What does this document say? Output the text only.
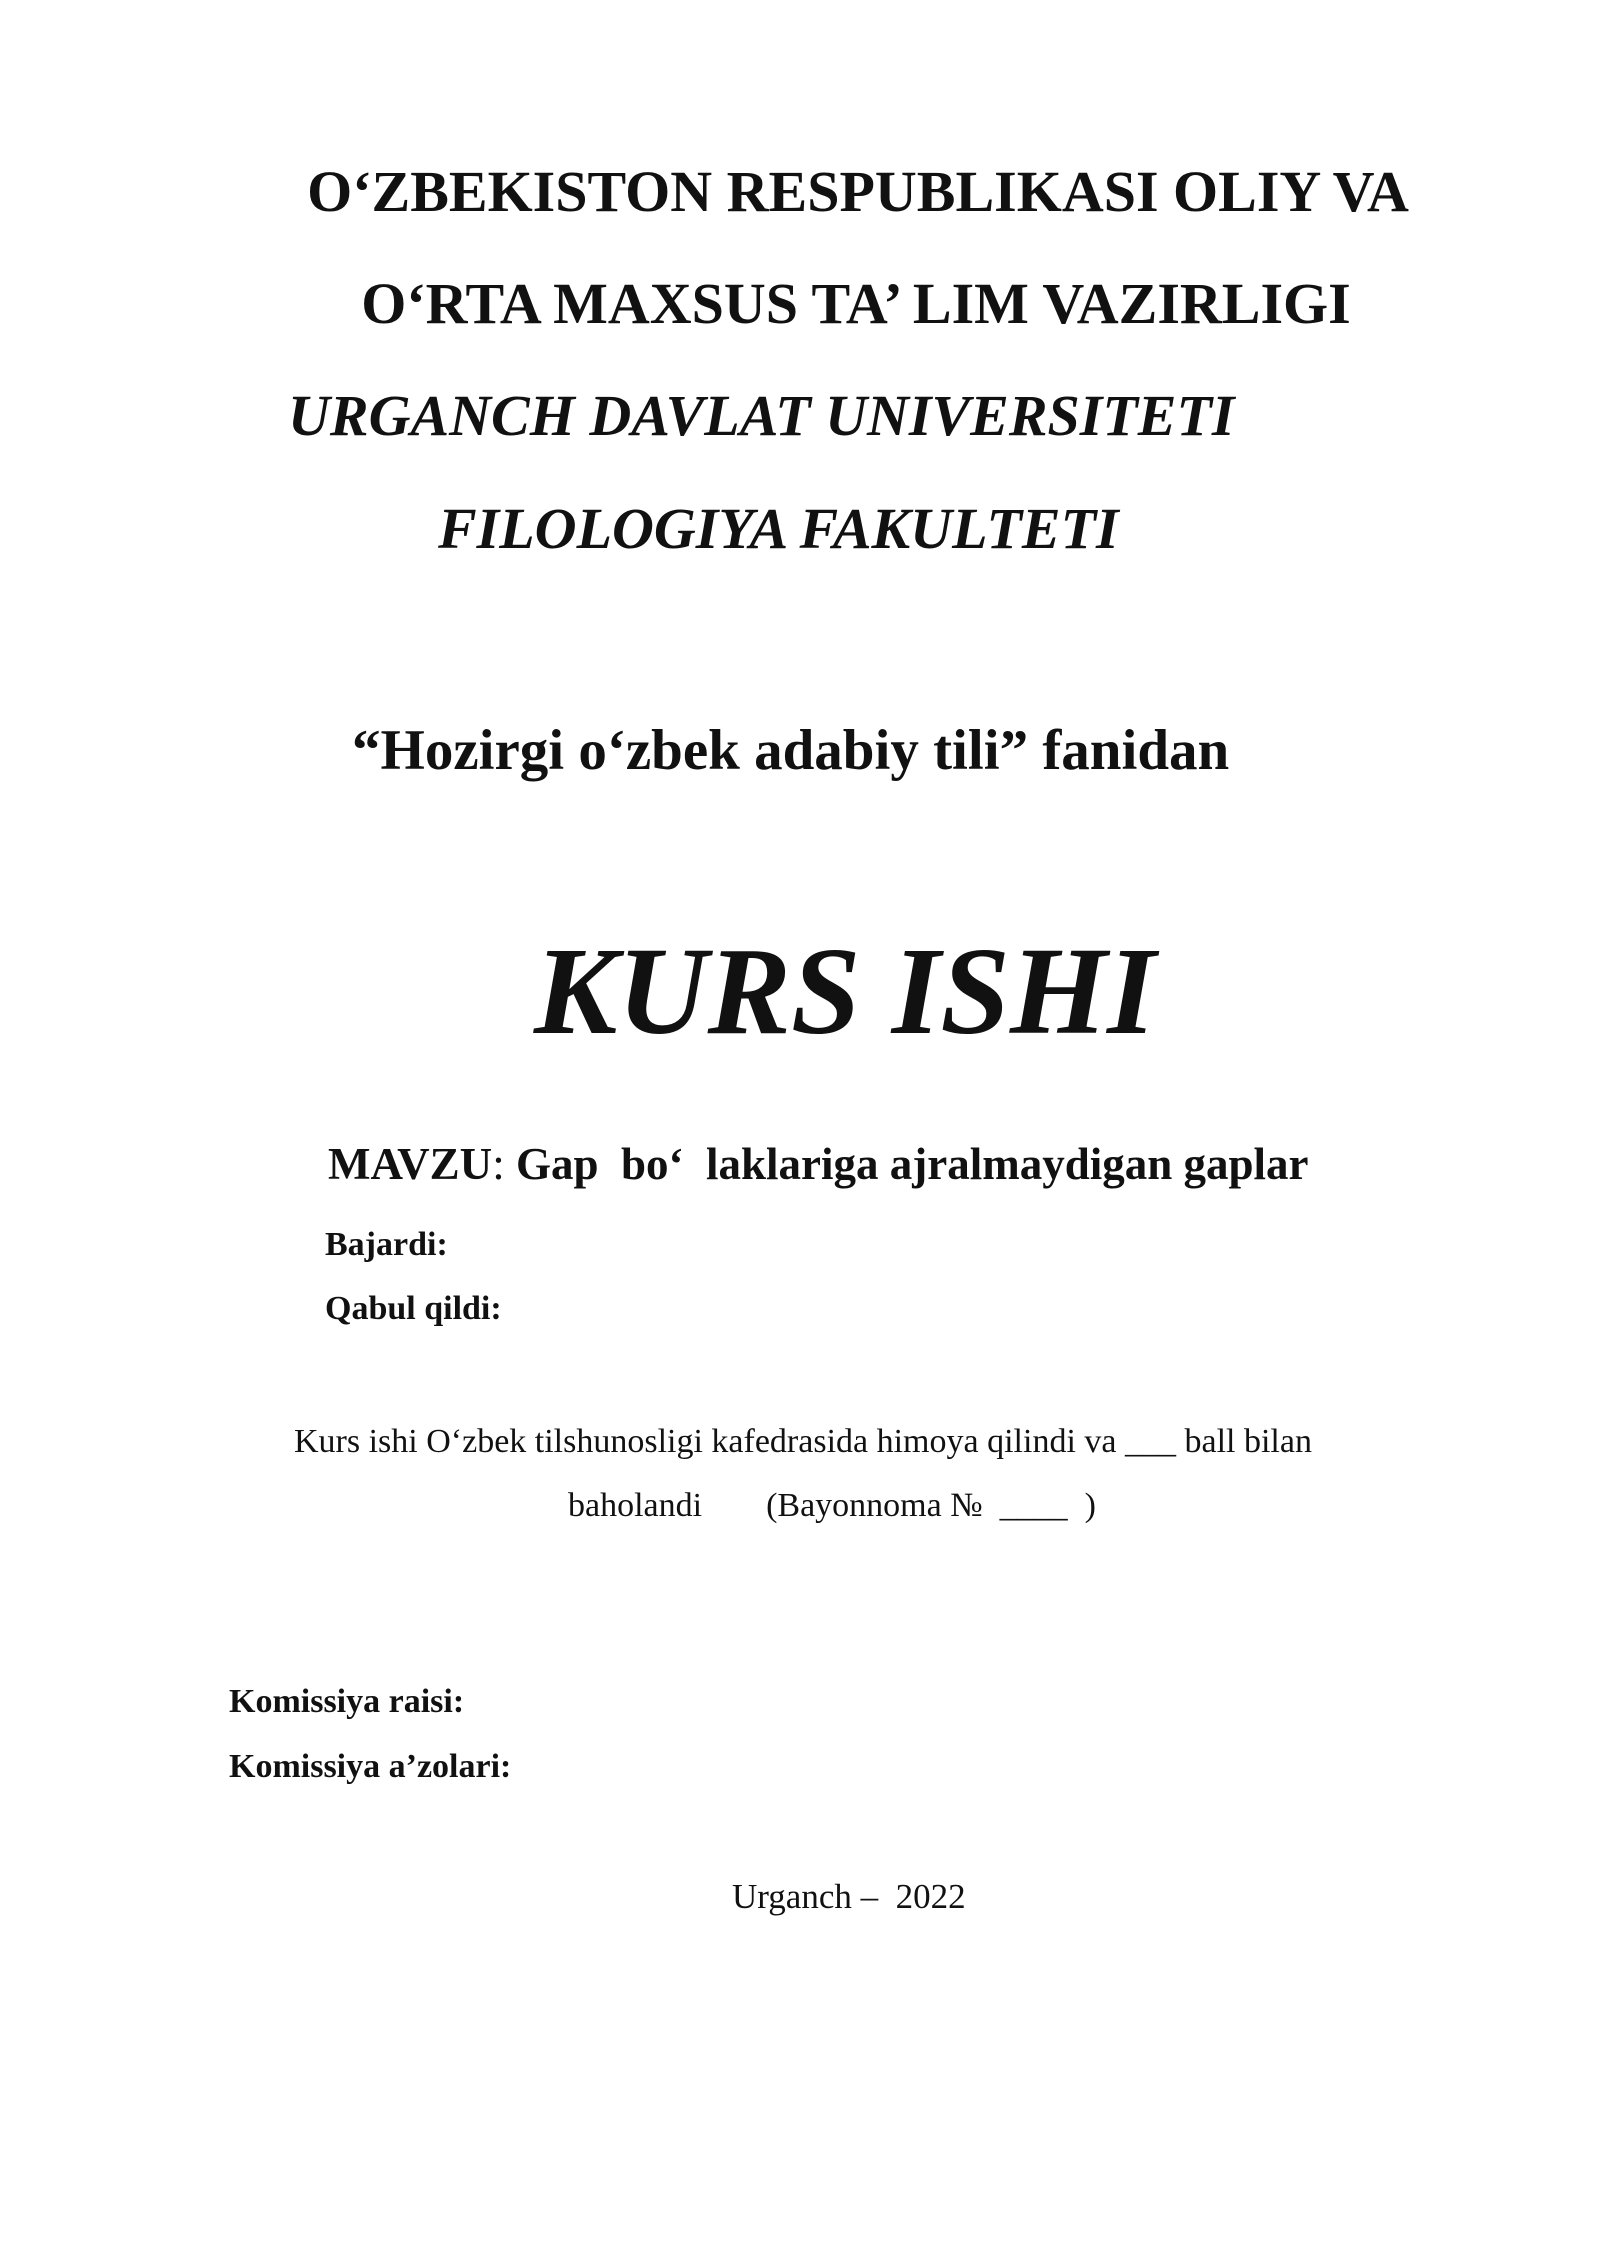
O‘ZBEKISTON RESPUBLIKASI OLIY VA
O‘RTA MAXSUS TA’ LIM VAZIRLIGI
URGANCH DAVLAT UNIVERSITETI
FILOLOGIYA FAKULTETI
“Hozirgi o‘zbek adabiy tili” fanidan
KURS ISHI
MAVZU: Gap  bo‘  laklariga ajralmaydigan gaplar
Bajardi:
Qabul qildi:
Kurs ishi O‘zbek tilshunosligi kafedrasida himoya qilindi va ___ ball bilan
baholandi (Bayonnoma №  ____  )
Komissiya raisi:
Komissiya a’zolari:
Urganch –  2022
